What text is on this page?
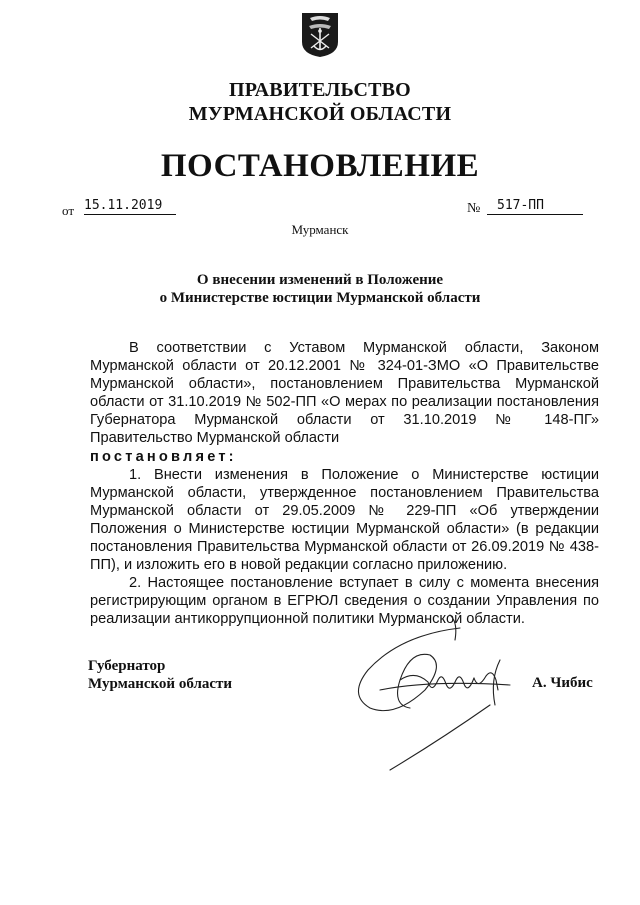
ПРАВИТЕЛЬСТВО
МУРМАНСКОЙ ОБЛАСТИ
ПОСТАНОВЛЕНИЕ
от 15.11.2019	№	517-ПП
Мурманск
О внесении изменений в Положение
о Министерстве юстиции Мурманской области

В соответствии с Уставом Мурманской области, Законом Мурманской области от 20.12.2001 № 324-01-ЗМО «О Правительстве Мурманской области», постановлением Правительства Мурманской области от 31.10.2019 № 502-ПП «О мерах по реализации постановления Губернатора Мурманской области от 31.10.2019 № 148-ПГ» Правительство Мурманской области

постановляет:

1. Внести изменения в Положение о Министерстве юстиции Мурманской области, утвержденное постановлением Правительства Мурманской области от 29.05.2009 № 229-ПП «Об утверждении Положения о Министерстве юстиции Мурманской области» (в редакции постановления Правительства Мурманской области от 26.09.2019 № 438-ПП), и изложить его в новой редакции согласно приложению.

2. Настоящее постановление вступает в силу с момента внесения регистрирующим органом в ЕГРЮЛ сведения о создании Управления по реализации антикоррупционной политики Мурманской области.

Губернатор
Мурманской области	А. Чибис
